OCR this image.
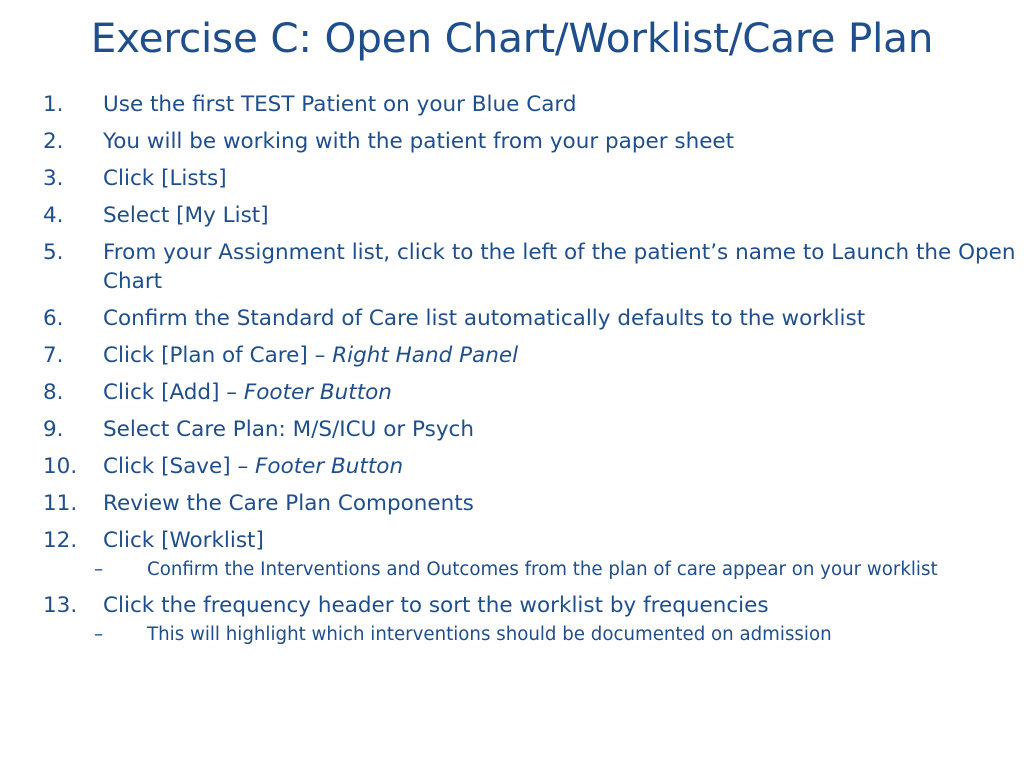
Exercise C: Open Chart/Worklist/Care Plan
1. Use the first TEST Patient on your Blue Card
2. You will be working with the patient from your paper sheet
3. Click [Lists]
4. Select [My List]
5. From your Assignment list, click to the left of the patient’s name to Launch the Open Chart
6. Confirm the Standard of Care list automatically defaults to the worklist
7. Click [Plan of Care] – Right Hand Panel
8. Click [Add] – Footer Button
9. Select Care Plan: M/S/ICU or Psych
10. Click [Save] – Footer Button
11. Review the Care Plan Components
12. Click [Worklist]
– Confirm the Interventions and Outcomes from the plan of care appear on your worklist
13. Click the frequency header to sort the worklist by frequencies
– This will highlight which interventions should be documented on admission
